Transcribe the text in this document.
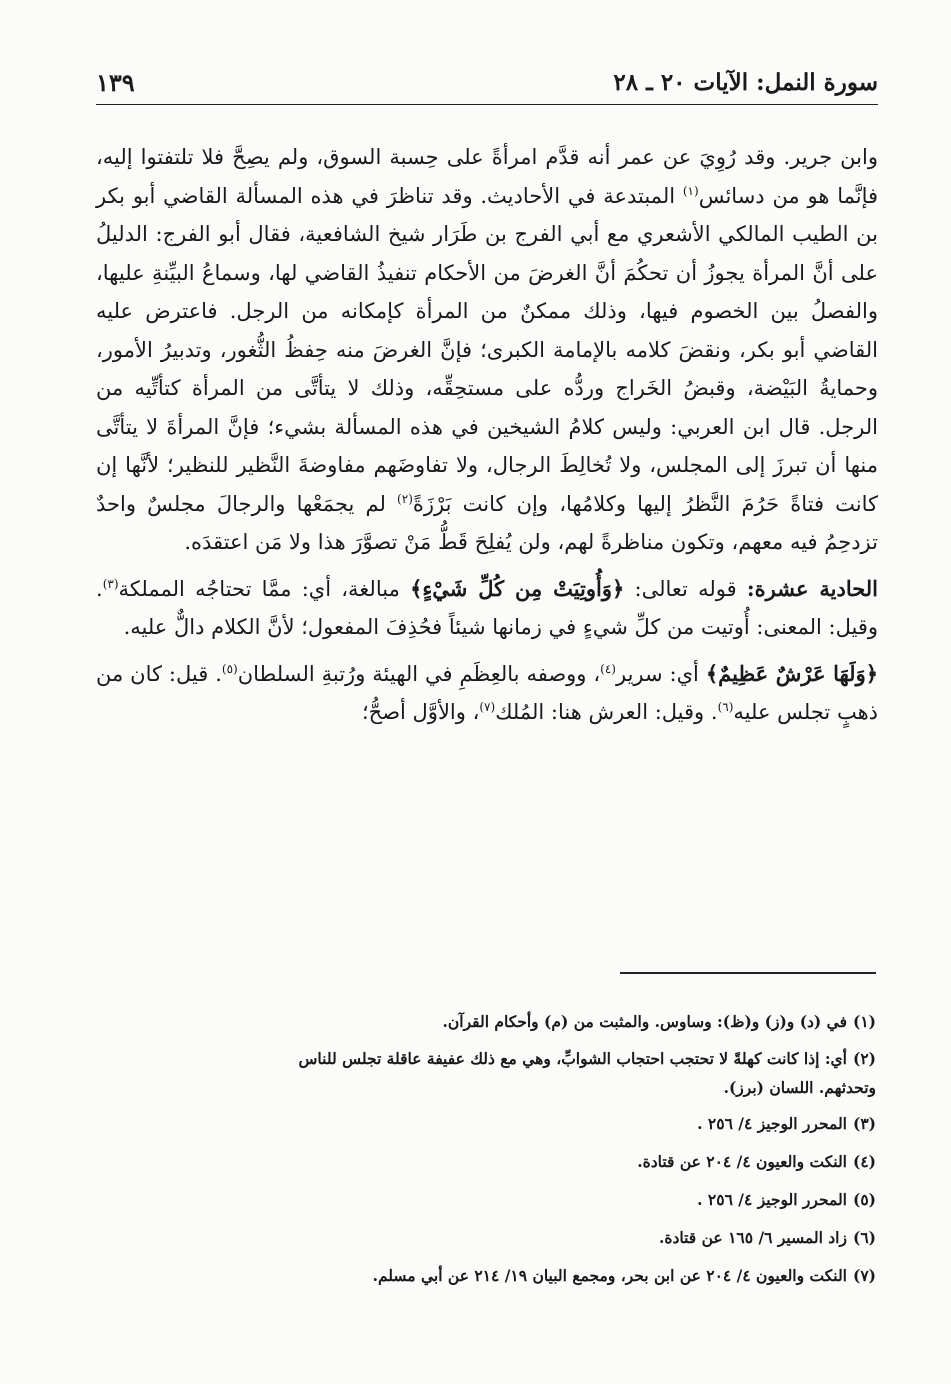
سورة النمل: الآيات ٢٠ ـ ٢٨
١٣٩

وابن جرير. وقد رُوِيَ عن عمر أنه قدَّم امرأةً على حِسبة السوق، ولم يصِحَّ فلا تلتفتوا إليه، فإنَّما هو من دسائس$^{(١)}$ المبتدعة في الأحاديث. وقد تناظرَ في هذه المسألة القاضي أبو بكر بن الطيب المالكي الأشعري مع أبي الفرج بن طَرَار شيخ الشافعية، فقال أبو الفرج: الدليلُ على أنَّ المرأة يجوزُ أن تحكُمَ أنَّ الغرضَ من الأحكام تنفيذُ القاضي لها، وسماعُ البيِّنةِ عليها، والفصلُ بين الخصوم فيها، وذلك ممكنٌ من المرأة كإمكانه من الرجل. فاعترض عليه القاضي أبو بكر، ونقضَ كلامه بالإمامة الكبرى؛ فإنَّ الغرضَ منه حِفظُ الثُّغور، وتدبيرُ الأمور، وحمايةُ البَيْضة، وقبضُ الخَراج وردُّه على مستحِقِّه، وذلك لا يتأتَّى من المرأة كتأتِّيه من الرجل. قال ابن العربي: وليس كلامُ الشيخين في هذه المسألة بشيء؛ فإنَّ المرأةَ لا يتأتَّى منها أن تبرزَ إلى المجلس، ولا تُخالِطَ الرجال، ولا تفاوضَهم مفاوضةَ النَّظير للنظير؛ لأنَّها إن كانت فتاةً حَرُمَ النَّظرُ إليها وكلامُها، وإن كانت بَرْزَةً$^{(٢)}$ لم يجمَعْها والرجالَ مجلسٌ واحدٌ تزدحِمُ فيه معهم، وتكون مناظرةً لهم، ولن يُفلِحَ قَطُّ مَنْ تصوَّرَ هذا ولا مَن اعتقدَه.

الحادية عشرة: قوله تعالى: ﴿وَأُوتِيَتْ مِن كُلِّ شَيْءٍ﴾ مبالغة، أي: ممَّا تحتاجُه المملكة$^{(٣)}$. وقيل: المعنى: أُوتيت من كلِّ شيءٍ في زمانها شيئاً فحُذِفَ المفعول؛ لأنَّ الكلام دالٌّ عليه.

﴿وَلَهَا عَرْشٌ عَظِيمٌ﴾ أي: سرير$^{(٤)}$، ووصفه بالعِظَمِ في الهيئة ورُتبةِ السلطان$^{(٥)}$. قيل: كان من ذهبٍ تجلس عليه$^{(٦)}$. وقيل: العرش هنا: المُلك$^{(٧)}$، والأوَّل أصحُّ؛

(١)في (د) و(ز) و(ظ): وساوس. والمثبت من (م) وأحكام القرآن.

(٢)أي: إذا كانت كهلةً لا تحتجب احتجاب الشوابِّ، وهي مع ذلك عفيفة عاقلة تجلس للناس وتحدثهم. اللسان (برز).

(٣)المحرر الوجيز ٤/ ٢٥٦ .

(٤)النكت والعيون ٤/ ٢٠٤ عن قتادة.

(٥)المحرر الوجيز ٤/ ٢٥٦ .

(٦)زاد المسير ٦/ ١٦٥ عن قتادة.

(٧)النكت والعيون ٤/ ٢٠٤ عن ابن بحر، ومجمع البيان ١٩/ ٢١٤ عن أبي مسلم.
